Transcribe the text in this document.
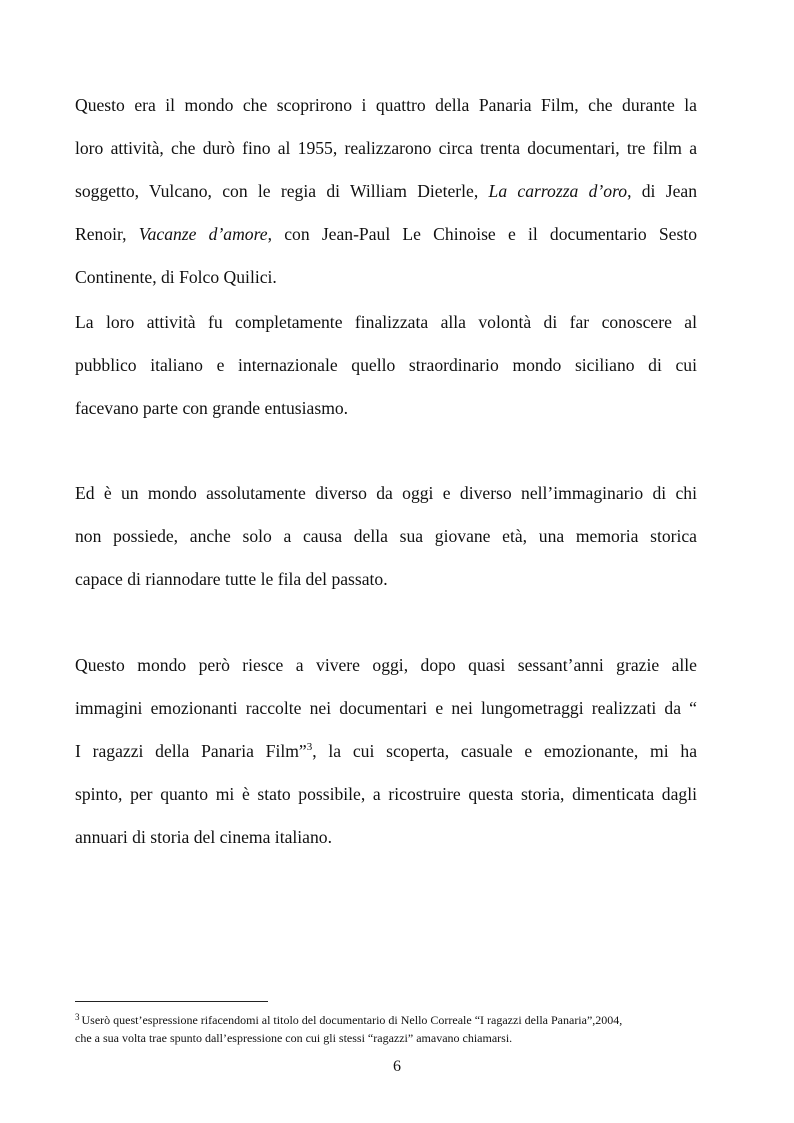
Questo era il mondo che scoprirono i quattro della Panaria Film, che durante la
loro attività, che durò fino al 1955, realizzarono circa trenta documentari, tre film a
soggetto, Vulcano, con le regia di William Dieterle, La carrozza d’oro, di Jean
Renoir, Vacanze d’amore, con Jean-Paul Le Chinoise e il documentario Sesto
Continente, di Folco Quilici.
La loro attività fu completamente finalizzata alla volontà di far conoscere al
pubblico italiano e internazionale quello straordinario mondo siciliano di cui
facevano parte con grande entusiasmo.
Ed è un mondo assolutamente diverso da oggi e diverso nell’immaginario di chi
non possiede, anche solo a causa della sua giovane età, una memoria storica
capace di riannodare tutte le fila del passato.
Questo mondo però riesce a vivere oggi, dopo quasi sessant’anni grazie alle
immagini emozionanti raccolte nei documentari e nei lungometraggi realizzati da “
I ragazzi della Panaria Film”$^3$, la cui scoperta, casuale e emozionante, mi ha
spinto, per quanto mi è stato possibile, a ricostruire questa storia, dimenticata dagli
annuari di storia del cinema italiano.
$^3$ Userò quest’espressione rifacendomi al titolo del documentario di Nello Correale “I ragazzi della Panaria”,2004,
che a sua volta trae spunto dall’espressione con cui gli stessi “ragazzi” amavano chiamarsi.
6
